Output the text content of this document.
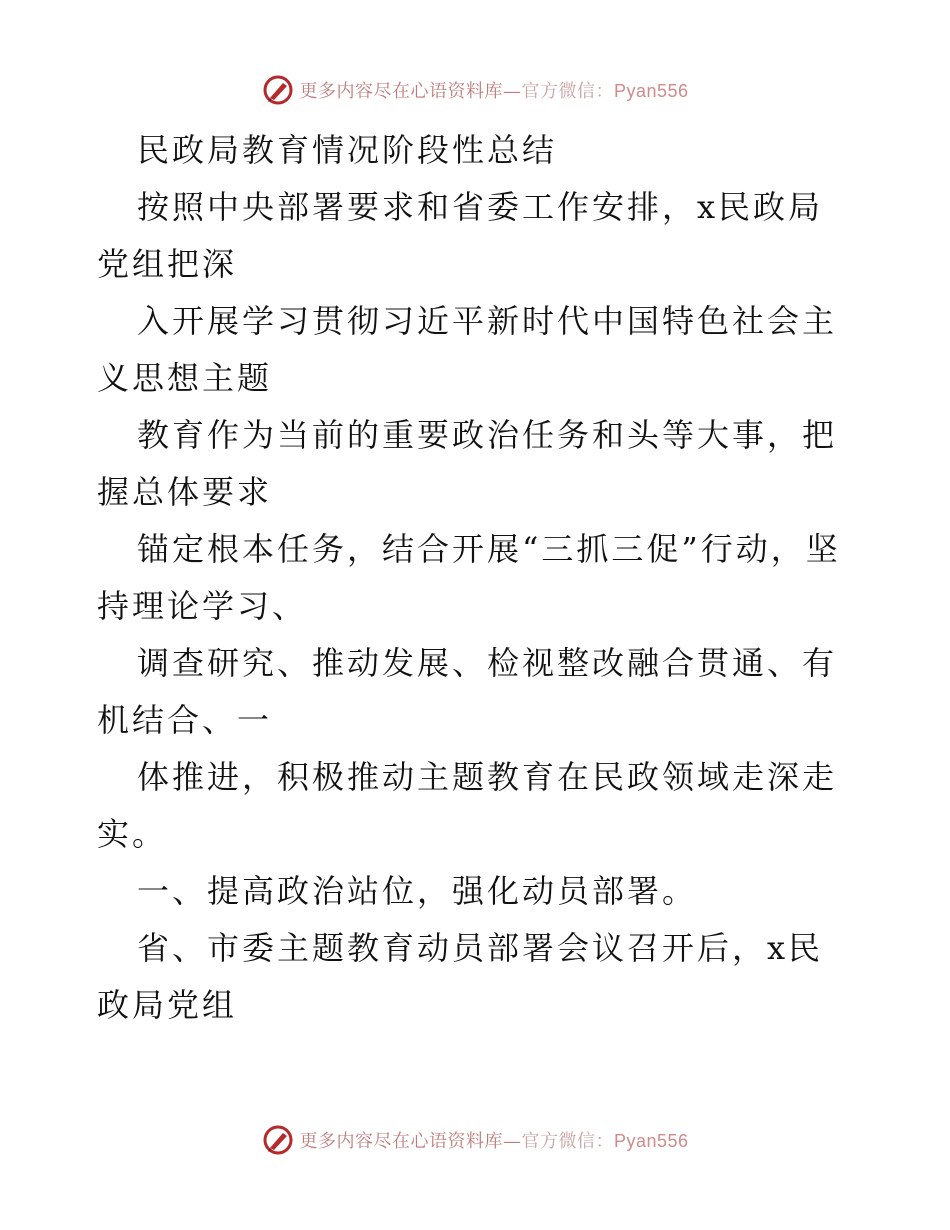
更多内容尽在心语资料库—官方微信：Pyan556

民政局教育情况阶段性总结

按照中央部署要求和省委工作安排，x民政局党组把深

入开展学习贯彻习近平新时代中国特色社会主义思想主题

教育作为当前的重要政治任务和头等大事，把握总体要求

锚定根本任务，结合开展“三抓三促”行动，坚持理论学习、

调查研究、推动发展、检视整改融合贯通、有机结合、一

体推进，积极推动主题教育在民政领域走深走实。

一、提高政治站位，强化动员部署。

省、市委主题教育动员部署会议召开后，x民政局党组

更多内容尽在心语资料库—官方微信：Pyan556
